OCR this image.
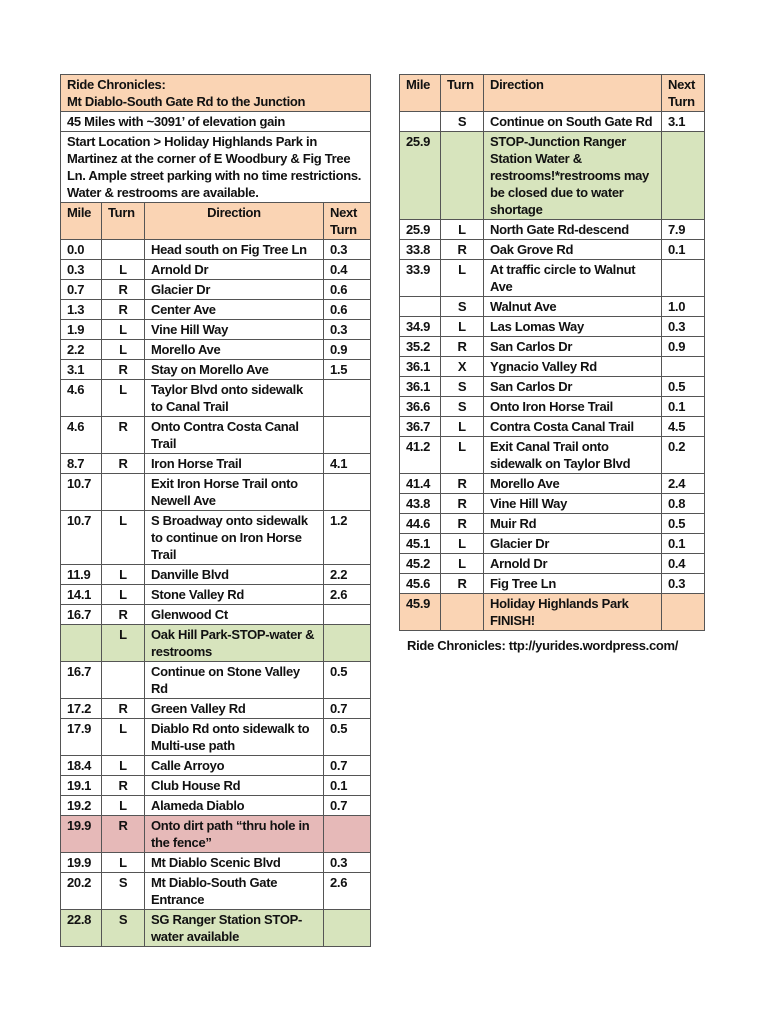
Ride Chronicles:
Mt Diablo-South Gate Rd to the Junction			

45 Miles with ~3091’ of elevation gain			
Start Location > Holiday Highlands Park in Martinez at the corner of E Woodbury & Fig Tree Ln. Ample street parking with no time restrictions. Water & restrooms are available.			
Mile	Turn	Direction	Next Turn
0.0		Head south on Fig Tree Ln	0.3
0.3	L	Arnold Dr	0.4
0.7	R	Glacier Dr	0.6
1.3	R	Center Ave	0.6
1.9	L	Vine Hill Way	0.3
2.2	L	Morello Ave	0.9
3.1	R	Stay on Morello Ave	1.5
4.6	L	Taylor Blvd onto sidewalk to Canal Trail	
4.6	R	Onto Contra Costa Canal Trail	
8.7	R	Iron Horse Trail	4.1
10.7		Exit Iron Horse Trail onto Newell Ave	
10.7	L	S Broadway onto sidewalk to continue on Iron Horse Trail	1.2
11.9	L	Danville Blvd	2.2
14.1	L	Stone Valley Rd	2.6
16.7	R	Glenwood Ct	
	L	Oak Hill Park-STOP-water & restrooms	
16.7		Continue on Stone Valley Rd	0.5
17.2	R	Green Valley Rd	0.7
17.9	L	Diablo Rd onto sidewalk to Multi-use path	0.5
18.4	L	Calle Arroyo	0.7
19.1	R	Club House Rd	0.1
19.2	L	Alameda Diablo	0.7
19.9	R	Onto dirt path “thru hole in the fence”	
19.9	L	Mt Diablo Scenic Blvd	0.3
20.2	S	Mt Diablo-South Gate Entrance	2.6
22.8	S	SG Ranger Station STOP-water available	
Mile	Turn	Direction	Next Turn
	S	Continue on South Gate Rd	3.1
25.9		STOP-Junction Ranger Station Water & restrooms!*restrooms may be closed due to water shortage	
25.9	L	North Gate Rd-descend	7.9
33.8	R	Oak Grove Rd	0.1
33.9	L	At traffic circle to Walnut Ave	
	S	Walnut Ave	1.0
34.9	L	Las Lomas Way	0.3
35.2	R	San Carlos Dr	0.9
36.1	X	Ygnacio Valley Rd	
36.1	S	San Carlos Dr	0.5
36.6	S	Onto Iron Horse Trail	0.1
36.7	L	Contra Costa Canal Trail	4.5
41.2	L	Exit Canal Trail onto sidewalk on Taylor Blvd	0.2
41.4	R	Morello Ave	2.4
43.8	R	Vine Hill Way	0.8
44.6	R	Muir Rd	0.5
45.1	L	Glacier Dr	0.1
45.2	L	Arnold Dr	0.4
45.6	R	Fig Tree Ln	0.3
45.9		Holiday Highlands Park FINISH!	
Ride Chronicles: ttp://yurides.wordpress.com/
